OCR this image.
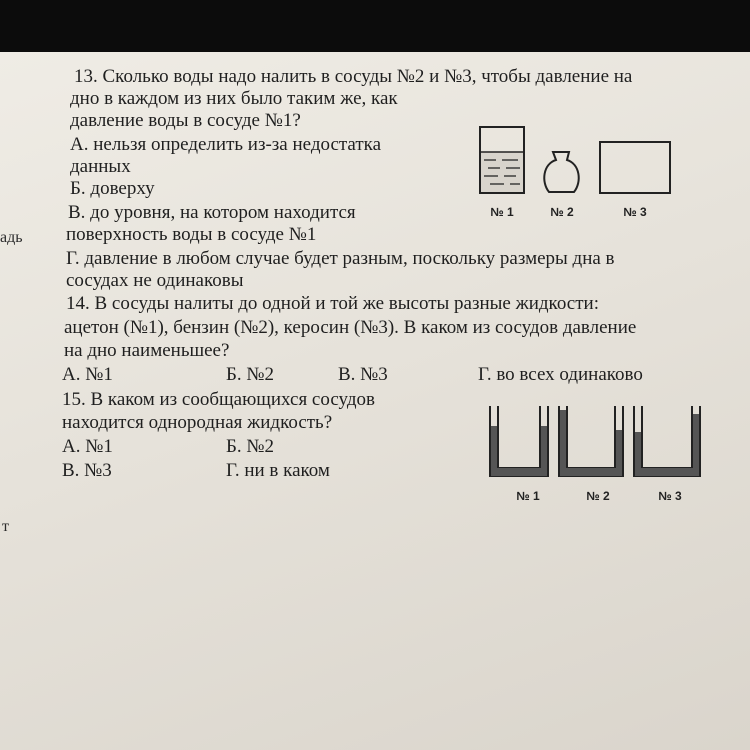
адь

т

13. Сколько воды надо налить в сосуды №2 и №3, чтобы давление на

дно в каждом из них было таким же, как

давление воды в сосуде №1?

А. нельзя определить из-за недостатка

данных

Б. доверху

В. до уровня, на котором находится

поверхность воды в сосуде №1

Г. давление в любом случае будет разным, поскольку размеры дна в

сосудах не одинаковы

14. В сосуды налиты до одной и той же высоты разные жидкости:

ацетон (№1), бензин (№2), керосин (№3). В каком из сосудов давление

на дно наименьшее?

А. №1	Б. №2	В. №3	Г. во всех одинаково

15. В каком из сообщающихся сосудов

находится однородная жидкость?

А. №1	Б. №2

В. №3	Г. ни в каком

№ 1	№ 2	№ 3
№ 1	№ 2	№ 3
